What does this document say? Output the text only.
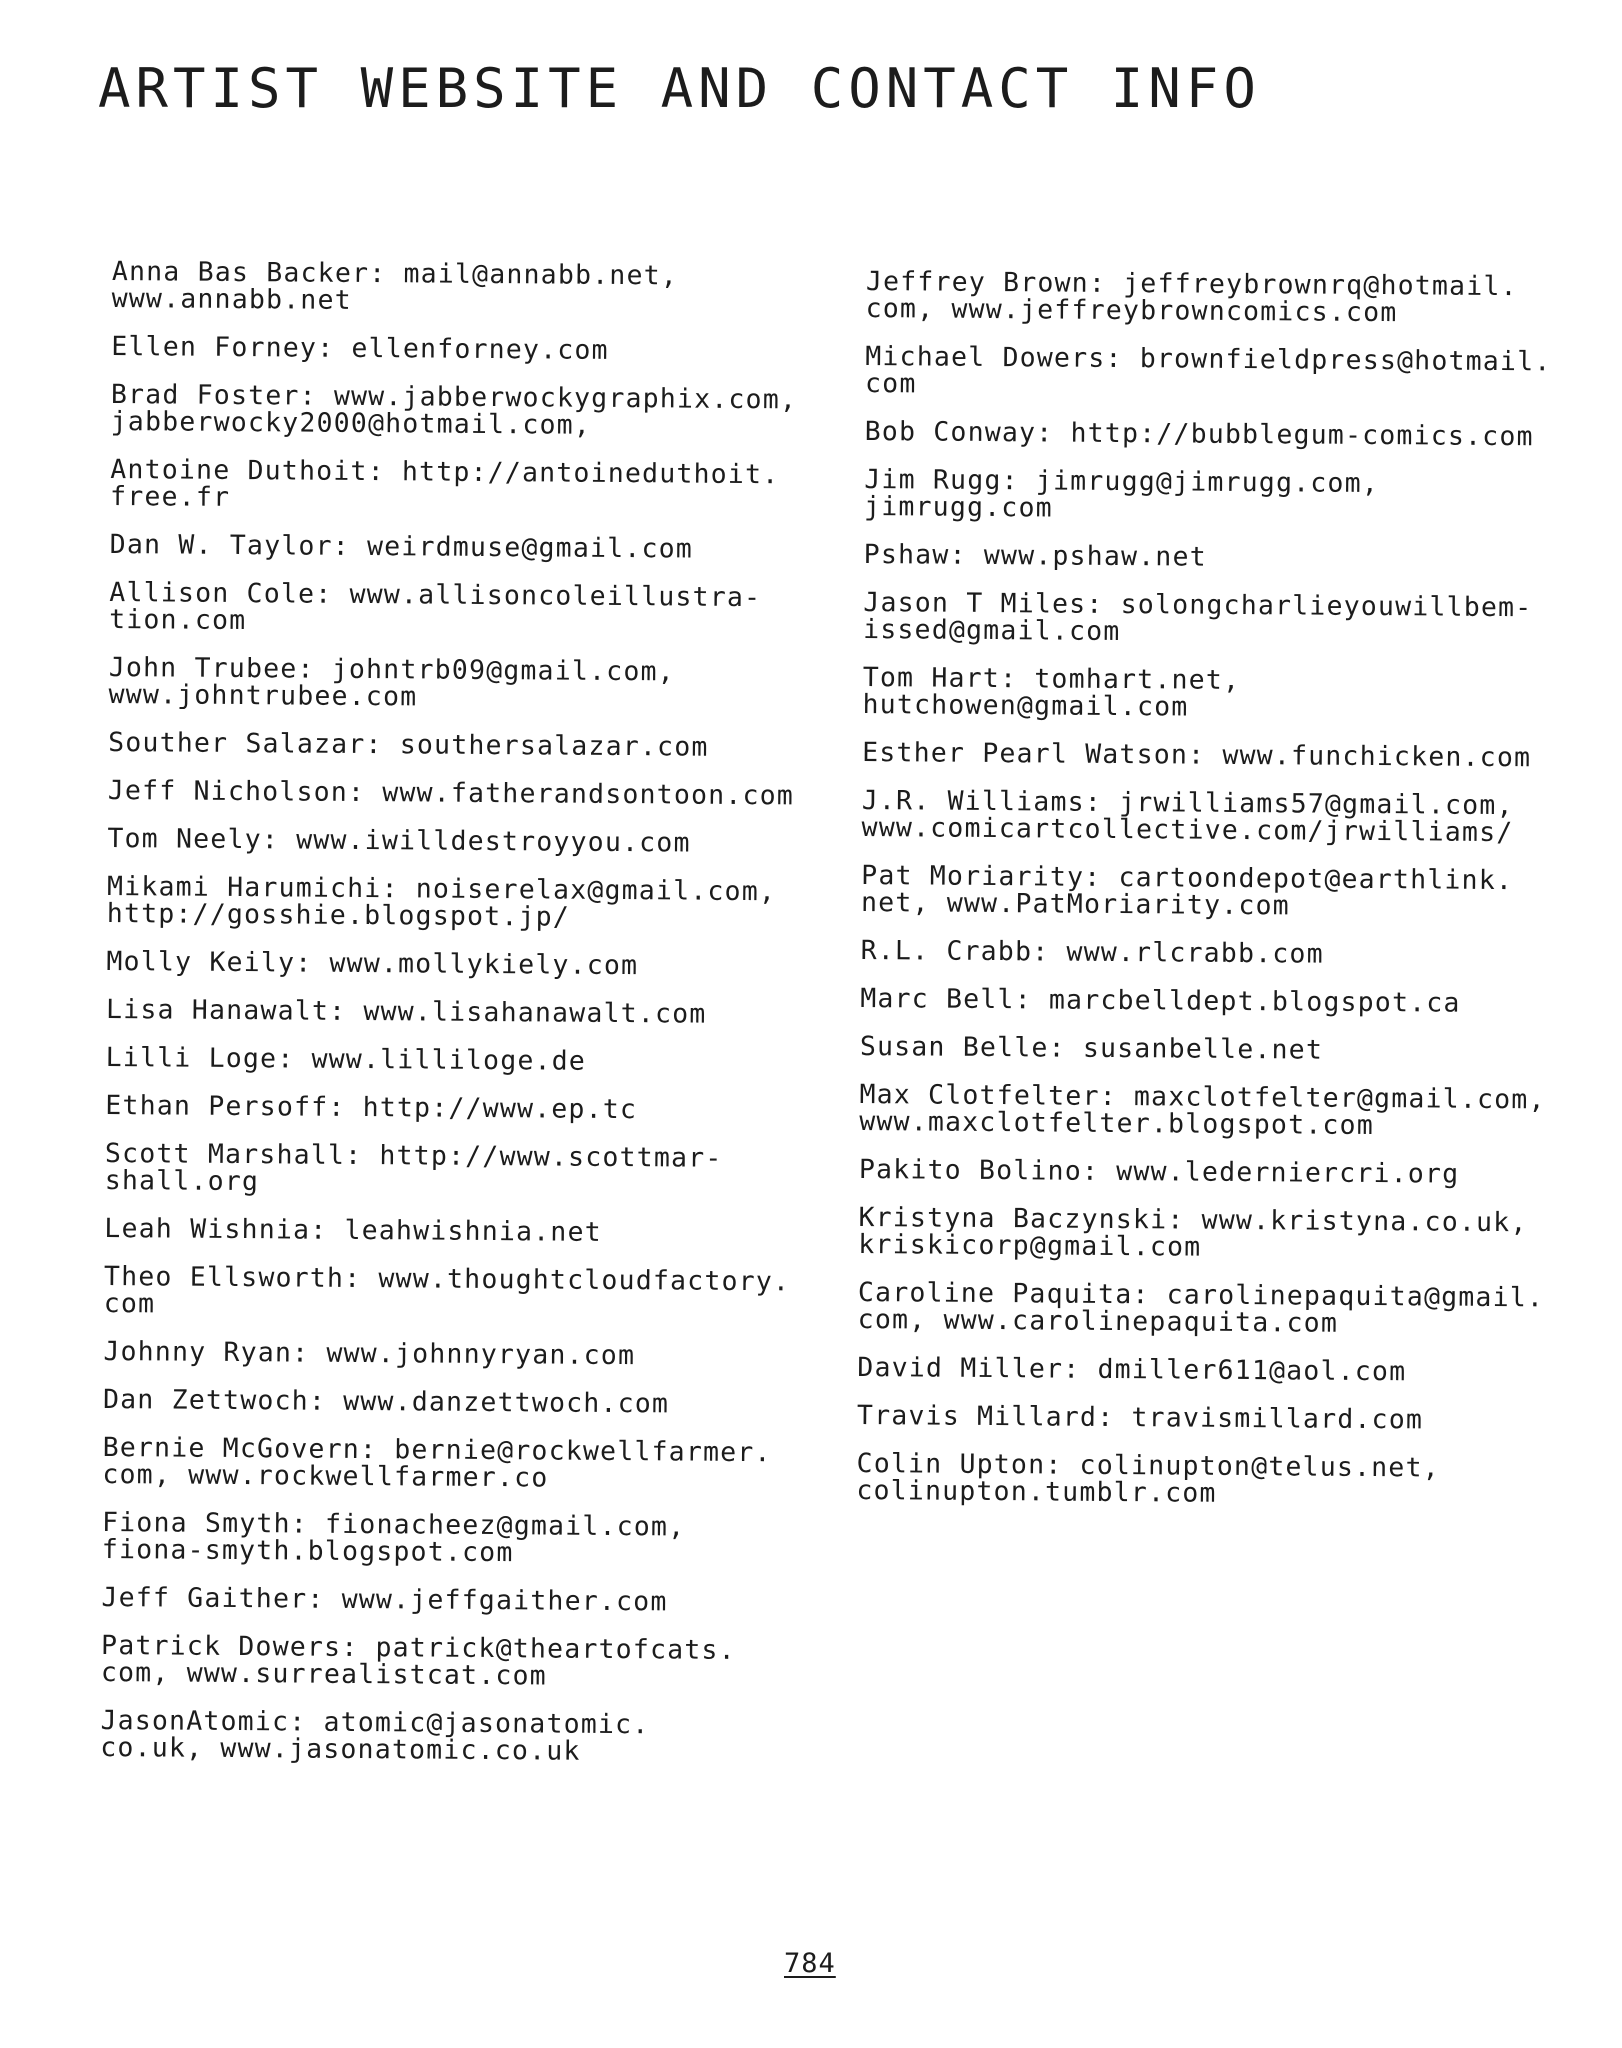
ARTIST WEBSITE AND CONTACT INFO
Anna Bas Backer: mail@annabb.net,
www.annabb.net
Ellen Forney: ellenforney.com
Brad Foster: www.jabberwockygraphix.com,
jabberwocky2000@hotmail.com,
Antoine Duthoit: http://antoineduthoit.
free.fr
Dan W. Taylor: weirdmuse@gmail.com
Allison Cole: www.allisoncoleillustra-
tion.com
John Trubee: johntrb09@gmail.com,
www.johntrubee.com
Souther Salazar: southersalazar.com
Jeff Nicholson: www.fatherandsontoon.com
Tom Neely: www.iwilldestroyyou.com
Mikami Harumichi: noiserelax@gmail.com,
http://gosshie.blogspot.jp/
Molly Keily: www.mollykiely.com
Lisa Hanawalt: www.lisahanawalt.com
Lilli Loge: www.lilliloge.de
Ethan Persoff: http://www.ep.tc
Scott Marshall: http://www.scottmar-
shall.org
Leah Wishnia: leahwishnia.net
Theo Ellsworth: www.thoughtcloudfactory.
com
Johnny Ryan: www.johnnyryan.com
Dan Zettwoch: www.danzettwoch.com
Bernie McGovern: bernie@rockwellfarmer.
com, www.rockwellfarmer.co
Fiona Smyth: fionacheez@gmail.com,
fiona-smyth.blogspot.com
Jeff Gaither: www.jeffgaither.com
Patrick Dowers: patrick@theartofcats.
com, www.surrealistcat.com
JasonAtomic: atomic@jasonatomic.
co.uk, www.jasonatomic.co.uk
Jeffrey Brown: jeffreybrownrq@hotmail.
com, www.jeffreybrowncomics.com
Michael Dowers: brownfieldpress@hotmail.
com
Bob Conway: http://bubblegum-comics.com
Jim Rugg: jimrugg@jimrugg.com,
jimrugg.com
Pshaw: www.pshaw.net
Jason T Miles: solongcharlieyouwillbem-
issed@gmail.com
Tom Hart: tomhart.net,
hutchowen@gmail.com
Esther Pearl Watson: www.funchicken.com
J.R. Williams: jrwilliams57@gmail.com,
www.comicartcollective.com/jrwilliams/
Pat Moriarity: cartoondepot@earthlink.
net, www.PatMoriarity.com
R.L. Crabb: www.rlcrabb.com
Marc Bell: marcbelldept.blogspot.ca
Susan Belle: susanbelle.net
Max Clotfelter: maxclotfelter@gmail.com,
www.maxclotfelter.blogspot.com
Pakito Bolino: www.lederniercri.org
Kristyna Baczynski: www.kristyna.co.uk,
kriskicorp@gmail.com
Caroline Paquita: carolinepaquita@gmail.
com, www.carolinepaquita.com
David Miller: dmiller611@aol.com
Travis Millard: travismillard.com
Colin Upton: colinupton@telus.net,
colinupton.tumblr.com
784
